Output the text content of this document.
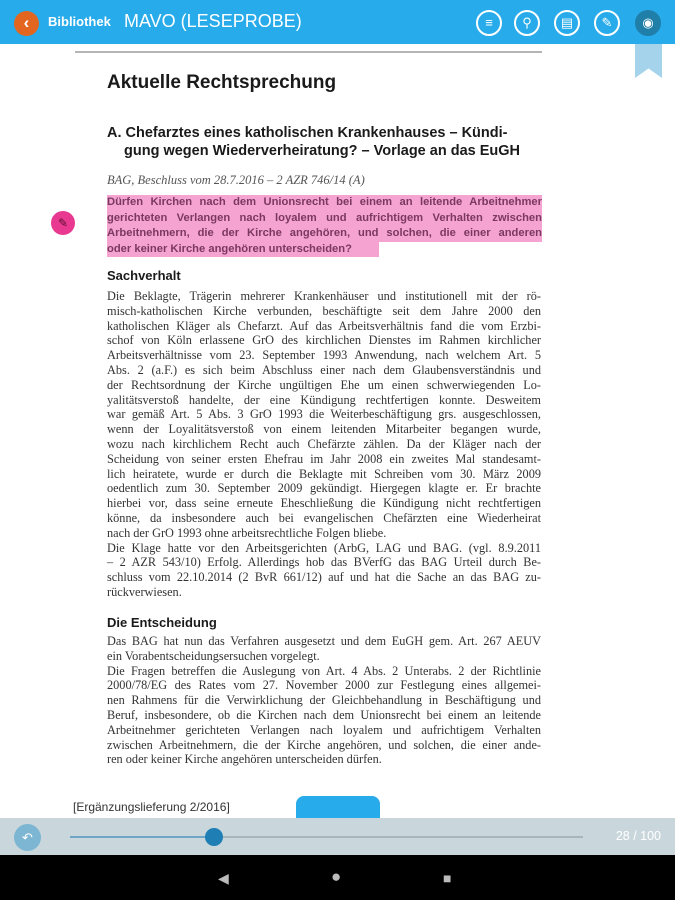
‹	Bibliothek MAVO (LESEPROBE)	≡	⚲	▤	✎	◉
Aktuelle Rechtsprechung
A. Chefarztes eines katholischen Krankenhauses – Kündi-
gung wegen Wiederverheiratung? – Vorlage an das EuGH
BAG, Beschluss vom 28.7.2016 – 2 AZR 746/14 (A)
✎
Dürfen Kirchen nach dem Unionsrecht bei einem an leitende Arbeitnehmer
gerichteten Verlangen nach loyalem und aufrichtigem Verhalten zwischen
Arbeitnehmern, die der Kirche angehören, und solchen, die einer anderen
oder keiner Kirche angehören unterscheiden?
Sachverhalt
Die Beklagte, Trägerin mehrerer Krankenhäuser und institutionell mit der rö-
misch-katholischen Kirche verbunden, beschäftigte seit dem Jahre 2000 den
katholischen Kläger als Chefarzt. Auf das Arbeitsverhältnis fand die vom Erzbi-
schof von Köln erlassene GrO des kirchlichen Dienstes im Rahmen kirchlicher
Arbeitsverhältnisse vom 23. September 1993 Anwendung, nach welchem Art. 5
Abs. 2 (a.F.) es sich beim Abschluss einer nach dem Glaubensverständnis und
der Rechtsordnung der Kirche ungültigen Ehe um einen schwerwiegenden Lo-
yalitätsverstoß handelte, der eine Kündigung rechtfertigen konnte. Desweitem
war gemäß Art. 5 Abs. 3 GrO 1993 die Weiterbeschäftigung grs. ausgeschlossen,
wenn der Loyalitätsverstoß von einem leitenden Mitarbeiter begangen wurde,
wozu nach kirchlichem Recht auch Chefärzte zählen. Da der Kläger nach der
Scheidung von seiner ersten Ehefrau im Jahr 2008 ein zweites Mal standesamt-
lich heiratete, wurde er durch die Beklagte mit Schreiben vom 30. März 2009
oedentlich zum 30. September 2009 gekündigt. Hiergegen klagte er. Er brachte
hierbei vor, dass seine erneute Eheschließung die Kündigung nicht rechtfertigen
könne, da insbesondere auch bei evangelischen Chefärzten eine Wiederheirat
nach der GrO 1993 ohne arbeitsrechtliche Folgen bliebe.
Die Klage hatte vor den Arbeitsgerichten (ArbG, LAG und BAG. (vgl. 8.9.2011
– 2 AZR 543/10) Erfolg. Allerdings hob das BVerfG das BAG Urteil durch Be-
schluss vom 22.10.2014 (2 BvR 661/12) auf und hat die Sache an das BAG zu-
rückverwiesen.
Die Entscheidung
Das BAG hat nun das Verfahren ausgesetzt und dem EuGH gem. Art. 267 AEUV
ein Vorabentscheidungsersuchen vorgelegt.
Die Fragen betreffen die Auslegung von Art. 4 Abs. 2 Unterabs. 2 der Richtlinie
2000/78/EG des Rates vom 27. November 2000 zur Festlegung eines allgemei-
nen Rahmens für die Verwirklichung der Gleichbehandlung in Beschäftigung und
Beruf, insbesondere, ob die Kirchen nach dem Unionsrecht bei einem an leitende
Arbeitnehmer gerichteten Verlangen nach loyalem und aufrichtigem Verhalten
zwischen Arbeitnehmern, die der Kirche angehören, und solchen, die einer ande-
ren oder keiner Kirche angehören unterscheiden dürfen.
[Ergänzungslieferung 2/2016]
↶	28 / 100
◀	●	■
